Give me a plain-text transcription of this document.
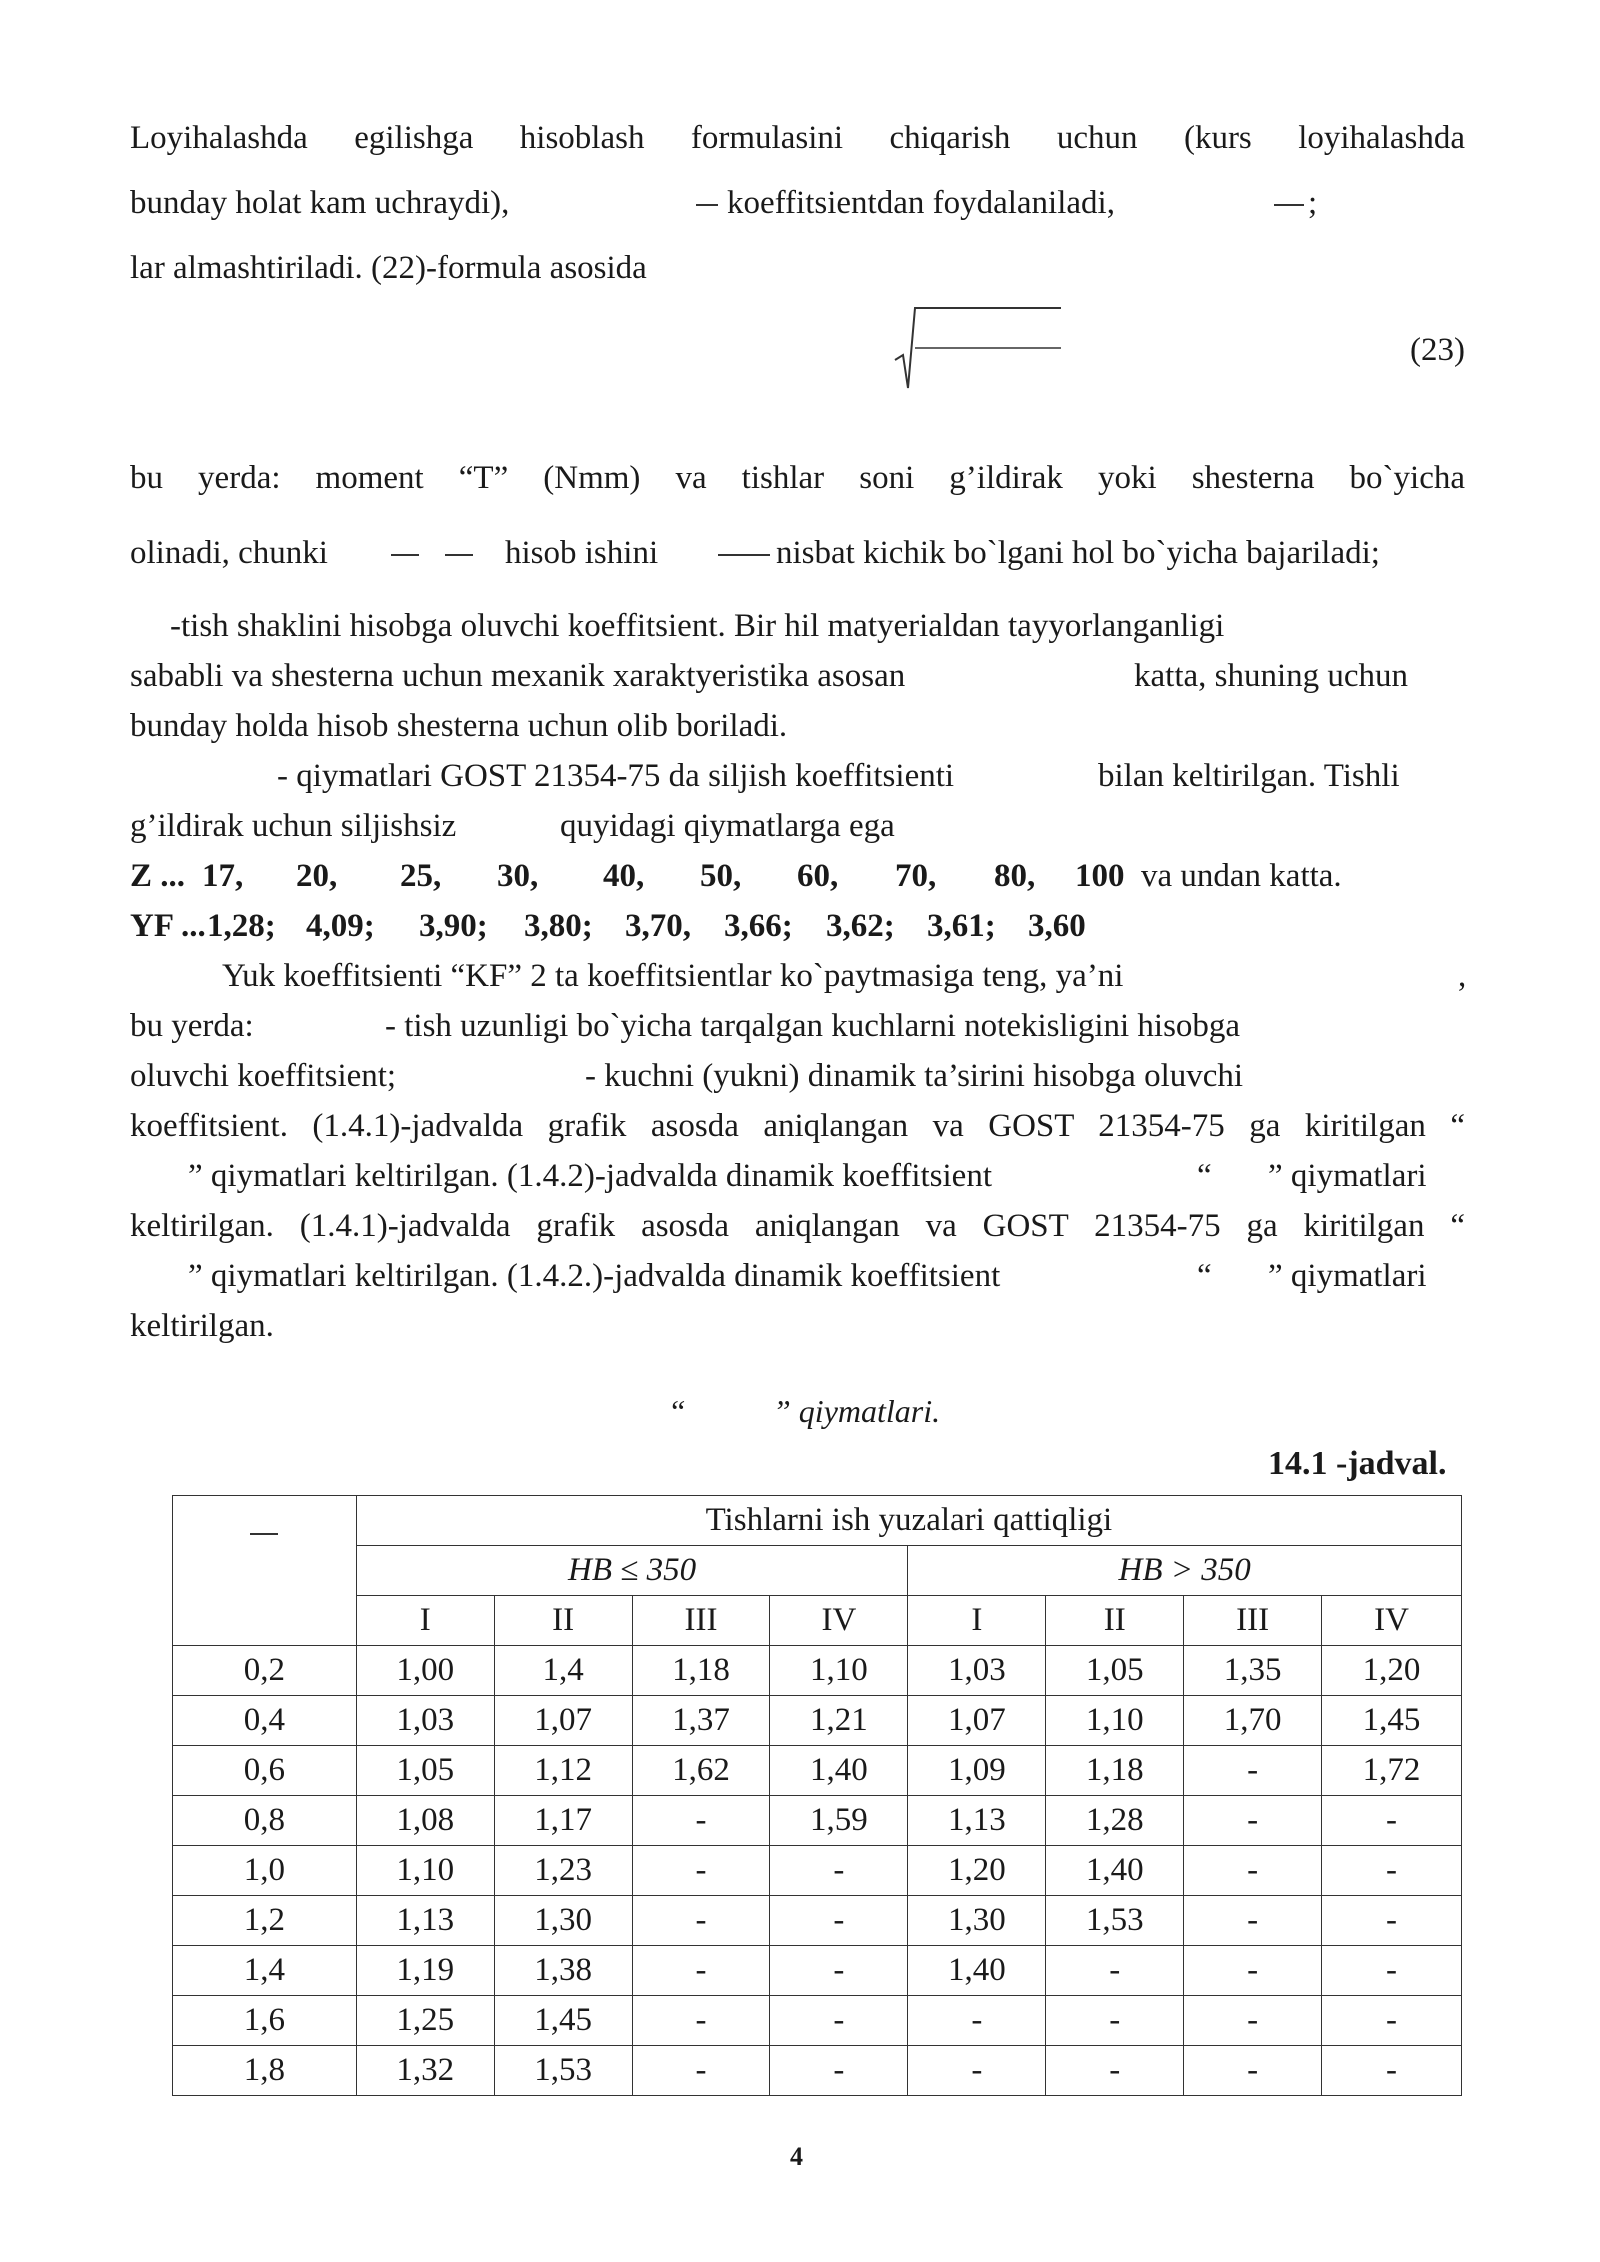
Loyihalashda egilishga hisoblash formulasini chiqarish uchun (kurs loyihalashda
bunday holat kam uchraydi),	koeffitsientdan foydalaniladi,	;
lar almashtiriladi. (22)-formula asosida
(23)
bu yerda: moment “T” (Nmm) va tishlar soni g’ildirak yoki shesterna bo`yicha
olinadi, chunki	hisob ishini	nisbat kichik bo`lgani hol bo`yicha bajariladi;
-tish shaklini hisobga oluvchi koeffitsient. Bir hil matyerialdan tayyorlanganligi
sababli va shesterna uchun mexanik xaraktyeristika asosan	katta, shuning uchun
bunday holda hisob shesterna uchun olib boriladi.
- qiymatlari GOST 21354-75 da siljish koeffitsienti	bilan keltirilgan. Tishli
g’ildirak uchun siljishsiz	quyidagi qiymatlarga ega
Z ... 17, 20, 25, 30, 40, 50, 60, 70, 80, 100 va undan katta.
YF ... 1,28; 4,09; 3,90; 3,80; 3,70, 3,66; 3,62; 3,61; 3,60
Yuk koeffitsienti “KF” 2 ta koeffitsientlar ko`paytmasiga teng, ya’ni	,
bu yerda:	- tish uzunligi bo`yicha tarqalgan kuchlarni notekisligini hisobga
oluvchi koeffitsient;	- kuchni (yukni) dinamik ta’sirini hisobga oluvchi
koeffitsient. (1.4.1)-jadvalda grafik asosda aniqlangan va GOST 21354-75 ga kiritilgan “
” qiymatlari keltirilgan. (1.4.2)-jadvalda dinamik koeffitsient	“ ” qiymatlari
keltirilgan. (1.4.1)-jadvalda grafik asosda aniqlangan va GOST 21354-75 ga kiritilgan “
” qiymatlari keltirilgan. (1.4.2.)-jadvalda dinamik koeffitsient	“ ” qiymatlari
keltirilgan.
“	” qiymatlari.
14.1 -jadval.
	Tishlarni ish yuzalari qattiqligi							
	HB ≤ 350				HB > 350			
	I	II	III	IV	I	II	III	IV
0,2	1,00	1,4	1,18	1,10	1,03	1,05	1,35	1,20
0,4	1,03	1,07	1,37	1,21	1,07	1,10	1,70	1,45
0,6	1,05	1,12	1,62	1,40	1,09	1,18	-	1,72
0,8	1,08	1,17	-	1,59	1,13	1,28	-	-
1,0	1,10	1,23	-	-	1,20	1,40	-	-
1,2	1,13	1,30	-	-	1,30	1,53	-	-
1,4	1,19	1,38	-	-	1,40	-	-	-
1,6	1,25	1,45	-	-	-	-	-	-
1,8	1,32	1,53	-	-	-	-	-	-
4
